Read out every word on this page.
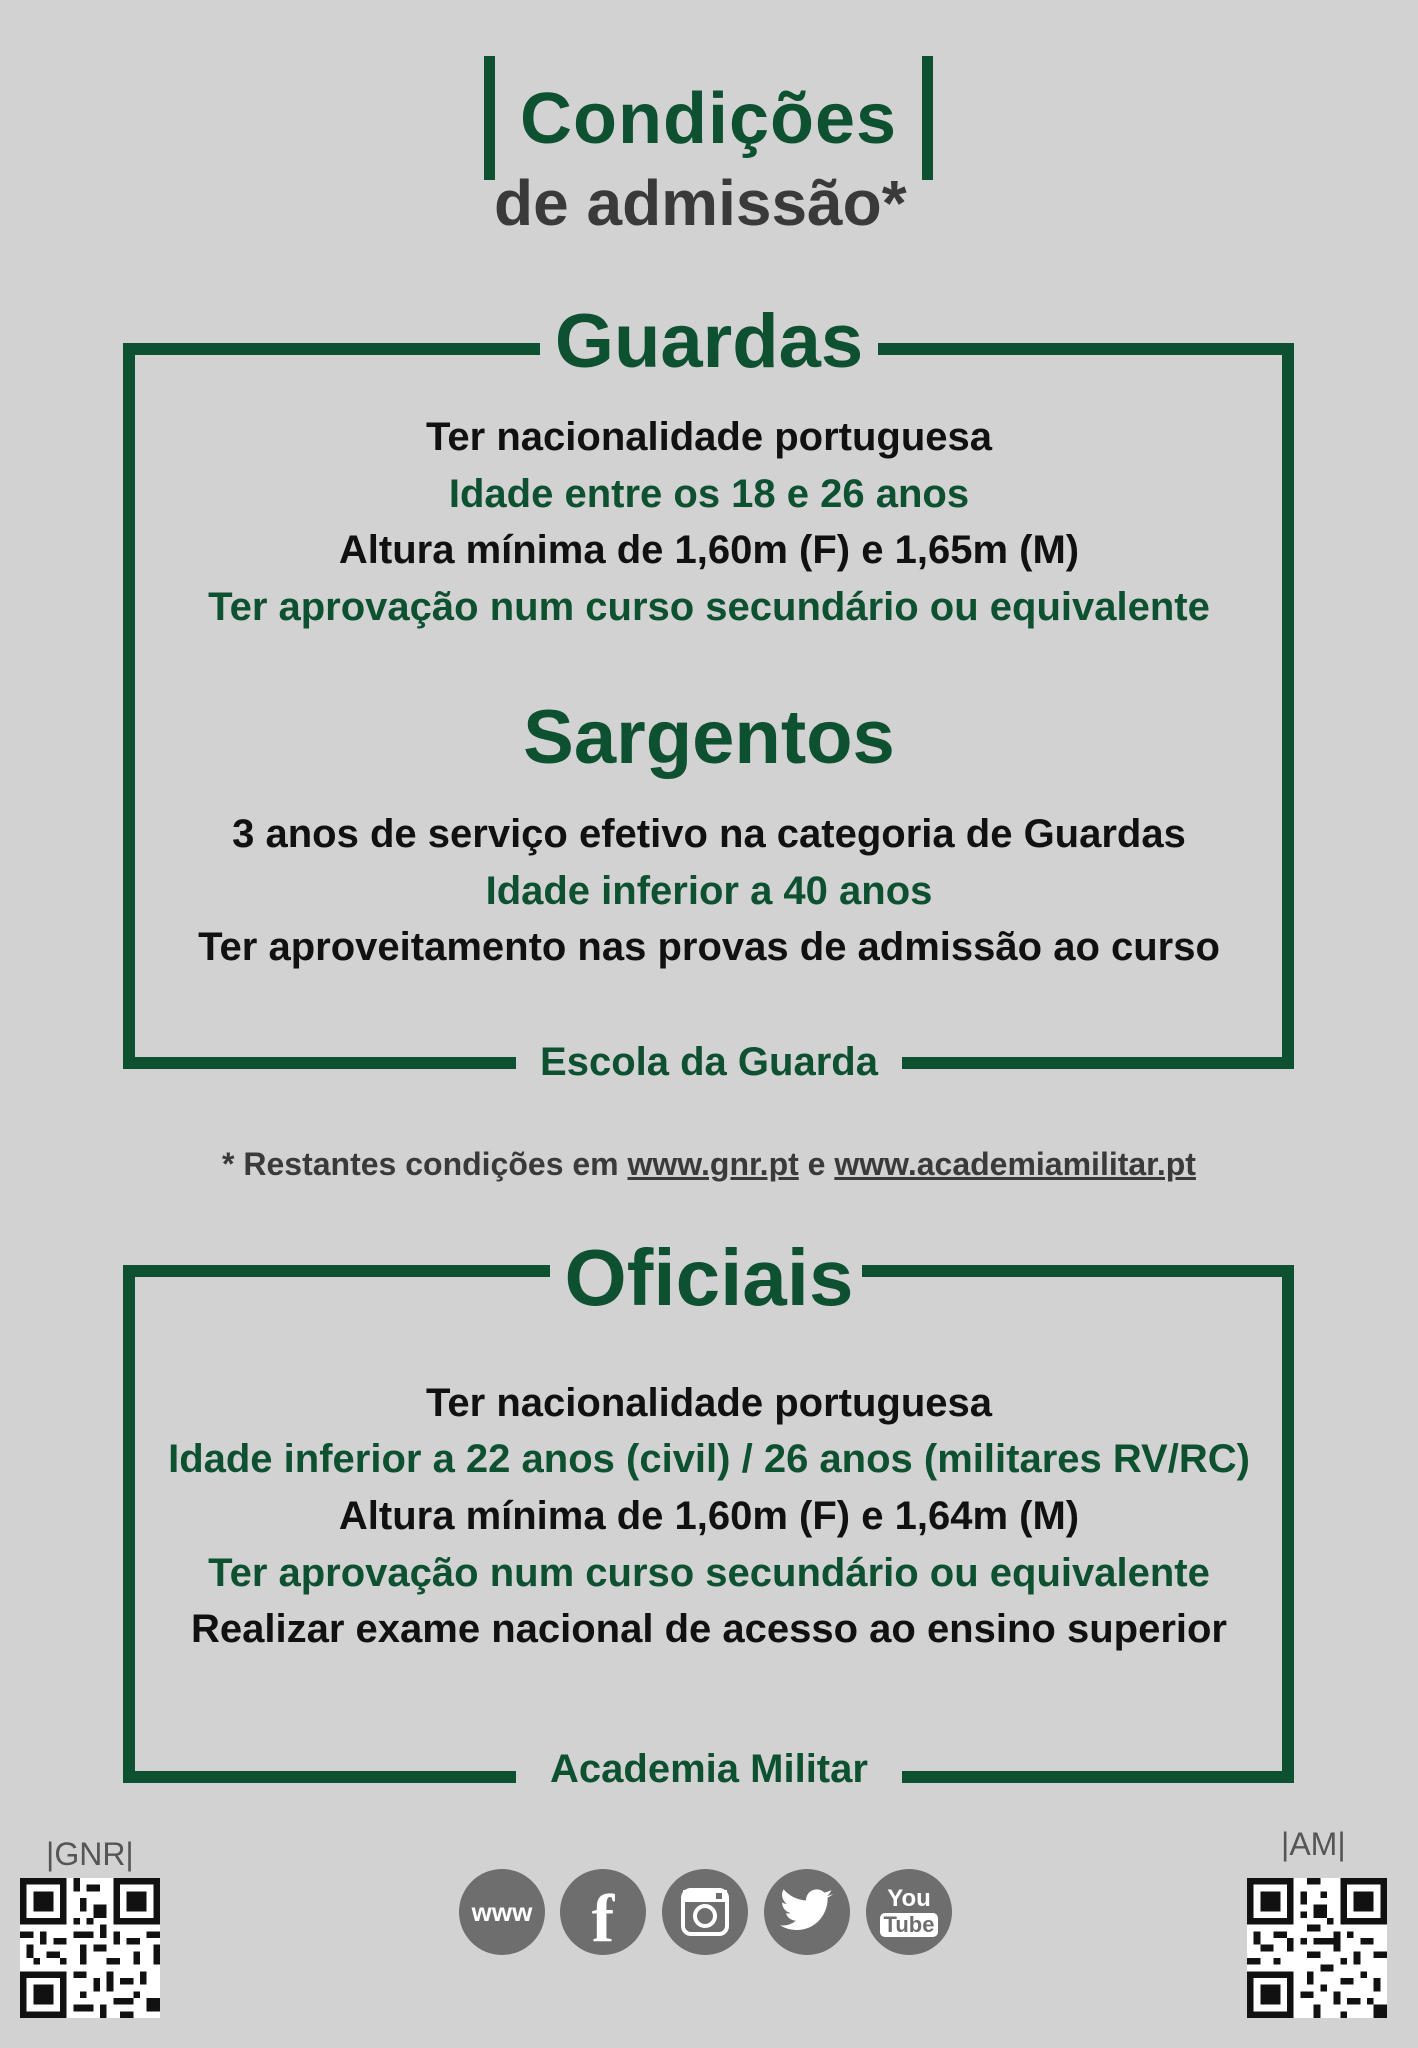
Condições
de admissão*
Guardas
Ter nacionalidade portuguesa
Idade entre os 18 e 26 anos
Altura mínima de 1,60m (F) e 1,65m (M)
Ter aprovação num curso secundário ou equivalente
Sargentos
3 anos de serviço efetivo na categoria de Guardas
Idade inferior a 40 anos
Ter aproveitamento nas provas de admissão ao curso
Escola da Guarda
* Restantes condições em www.gnr.pt e www.academiamilitar.pt
Oficiais
Ter nacionalidade portuguesa
Idade inferior a 22 anos (civil) / 26 anos (militares RV/RC)
Altura mínima de 1,60m (F) e 1,64m (M)
Ter aprovação num curso secundário ou equivalente
Realizar exame nacional de acesso ao ensino superior
Academia Militar
|GNR|	|AM|
www f	You
Tube
